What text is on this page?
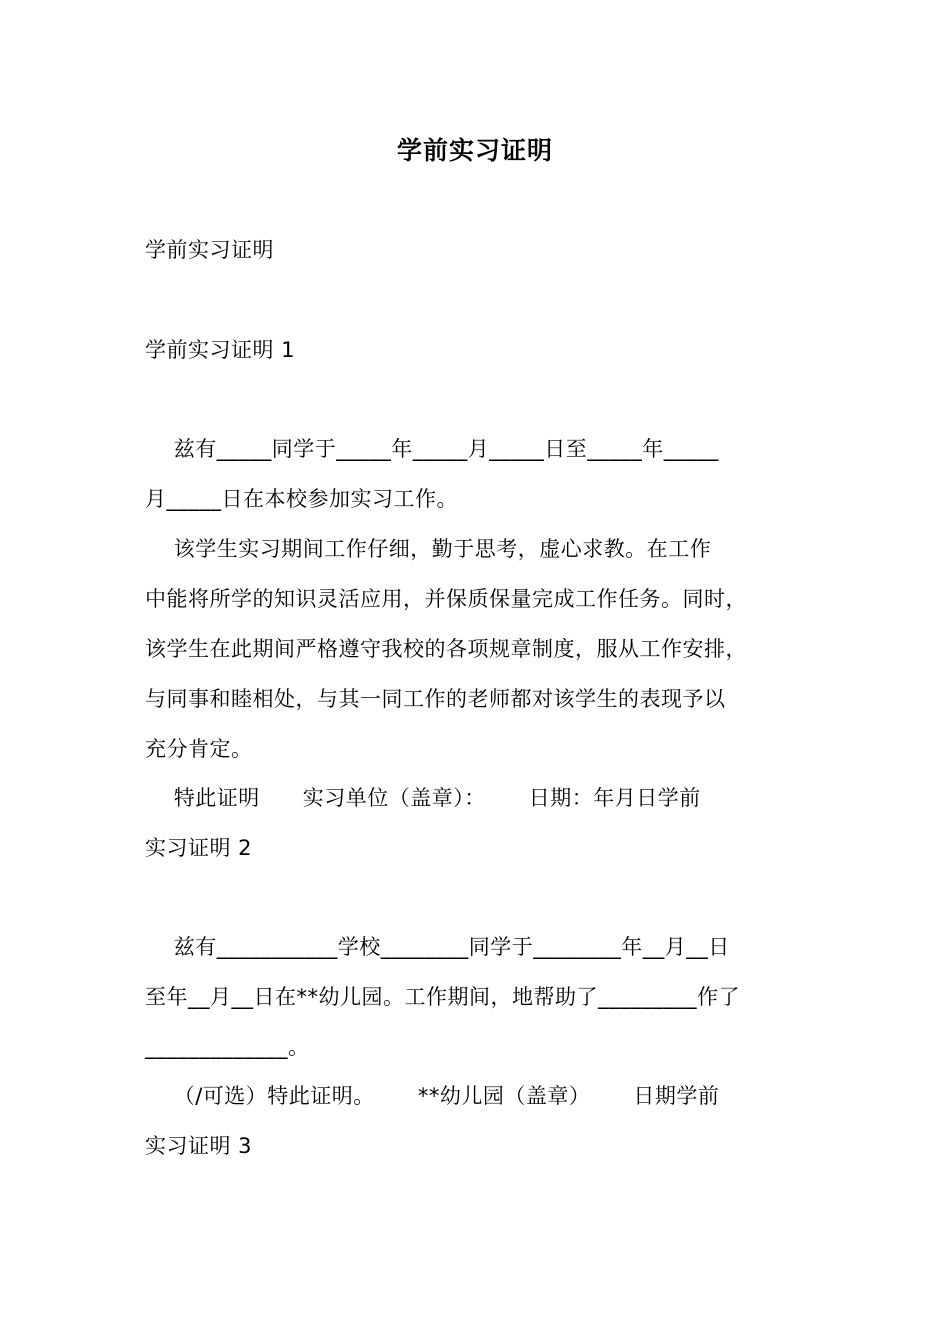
学前实习证明
学前实习证明
学前实习证明 1
兹有_____同学于_____年_____月_____日至_____年_____
月_____日在本校参加实习工作。
该学生实习期间工作仔细，勤于思考，虚心求教。在工作
中能将所学的知识灵活应用，并保质保量完成工作任务。同时，
该学生在此期间严格遵守我校的各项规章制度，服从工作安排，
与同事和睦相处，与其一同工作的老师都对该学生的表现予以
充分肯定。
特此证明      实习单位（盖章）：      日期：年月日学前
实习证明 2
兹有___________学校________同学于________年__月__日
至年__月__日在**幼儿园。工作期间，地帮助了_________作了
_____________。
（/可选）特此证明。      **幼儿园（盖章）      日期学前
实习证明 3
